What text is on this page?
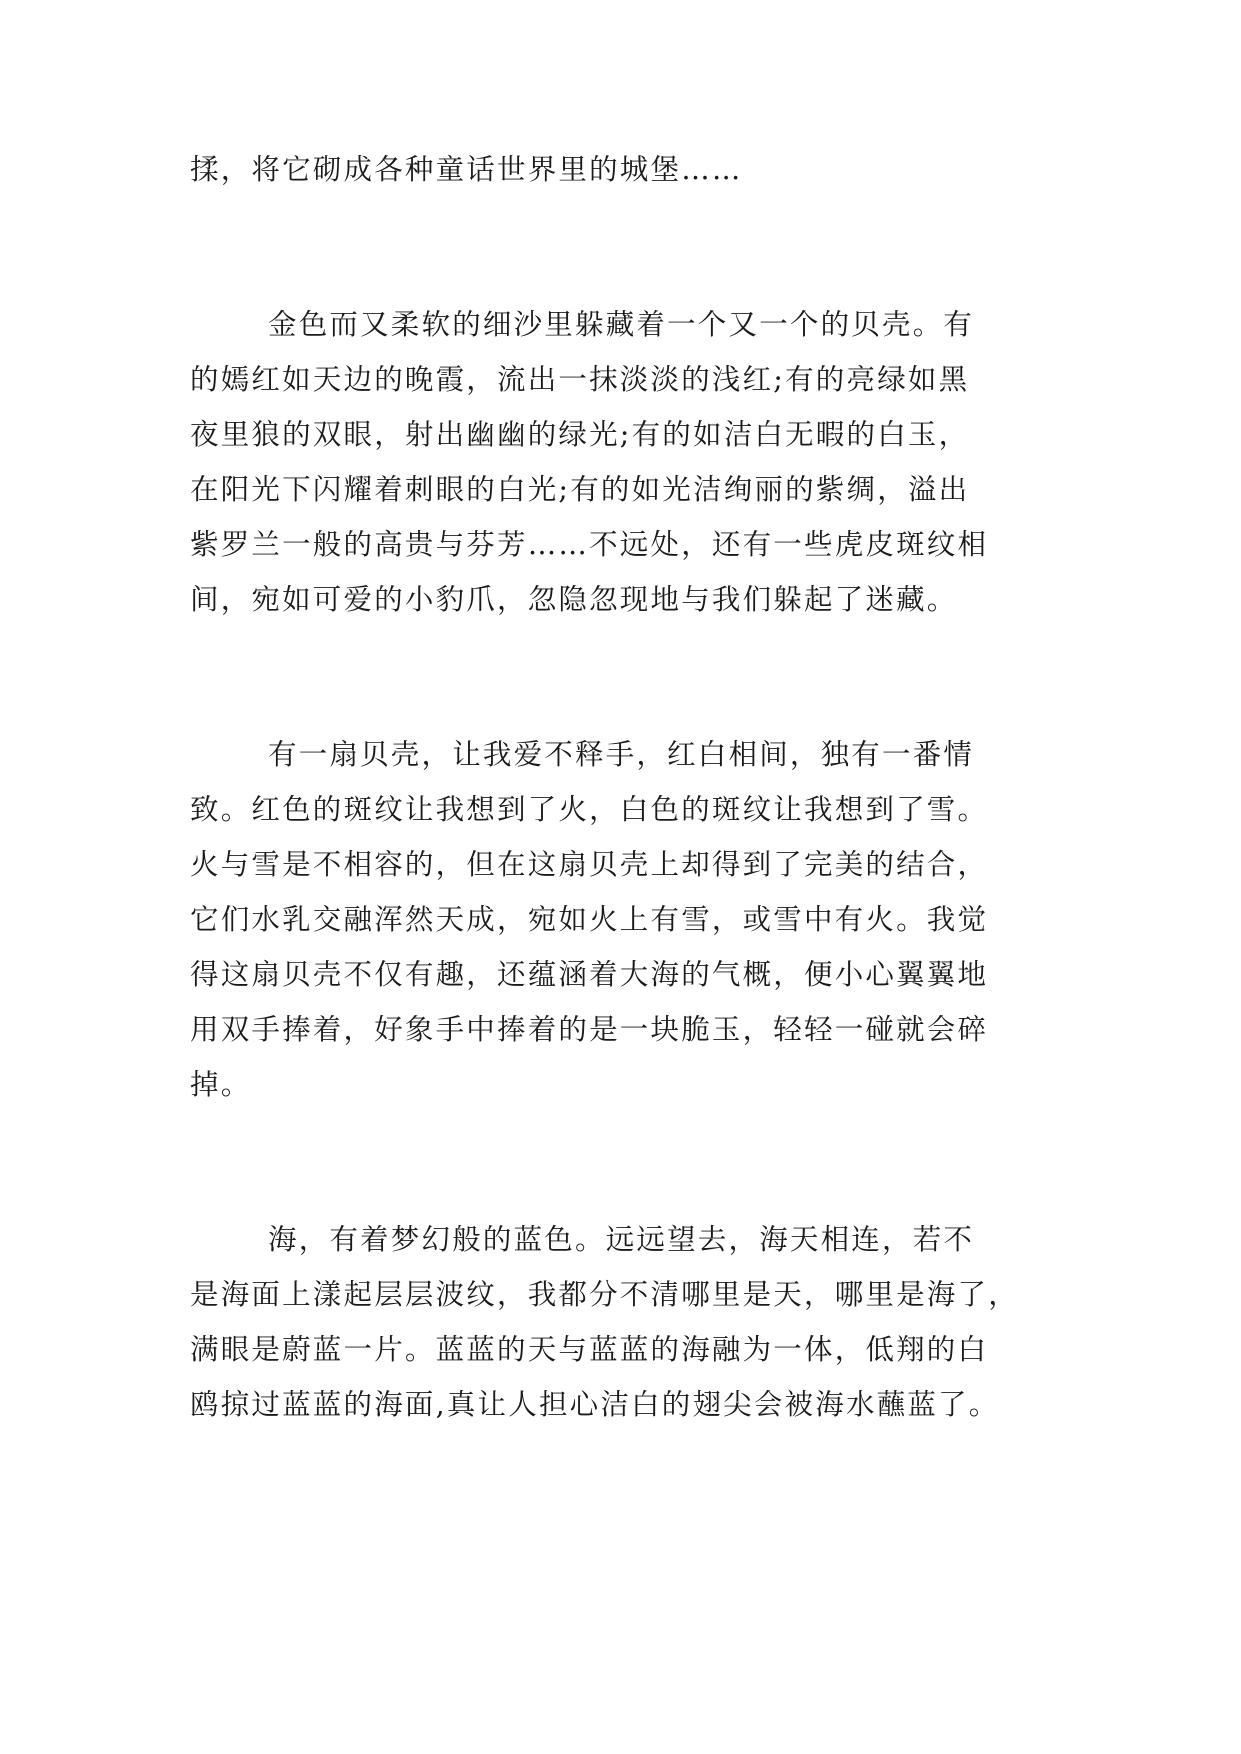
揉，将它砌成各种童话世界里的城堡……

金色而又柔软的细沙里躲藏着一个又一个的贝壳。有

的嫣红如天边的晚霞，流出一抹淡淡的浅红;有的亮绿如黑

夜里狼的双眼，射出幽幽的绿光;有的如洁白无暇的白玉，

在阳光下闪耀着刺眼的白光;有的如光洁绚丽的紫绸，溢出

紫罗兰一般的高贵与芬芳……不远处，还有一些虎皮斑纹相

间，宛如可爱的小豹爪，忽隐忽现地与我们躲起了迷藏。

有一扇贝壳，让我爱不释手，红白相间，独有一番情

致。红色的斑纹让我想到了火，白色的斑纹让我想到了雪。

火与雪是不相容的，但在这扇贝壳上却得到了完美的结合，

它们水乳交融浑然天成，宛如火上有雪，或雪中有火。我觉

得这扇贝壳不仅有趣，还蕴涵着大海的气概，便小心翼翼地

用双手捧着，好象手中捧着的是一块脆玉，轻轻一碰就会碎

掉。

海，有着梦幻般的蓝色。远远望去，海天相连，若不

是海面上漾起层层波纹，我都分不清哪里是天，哪里是海了，

满眼是蔚蓝一片。蓝蓝的天与蓝蓝的海融为一体，低翔的白

鸥掠过蓝蓝的海面,真让人担心洁白的翅尖会被海水蘸蓝了。
